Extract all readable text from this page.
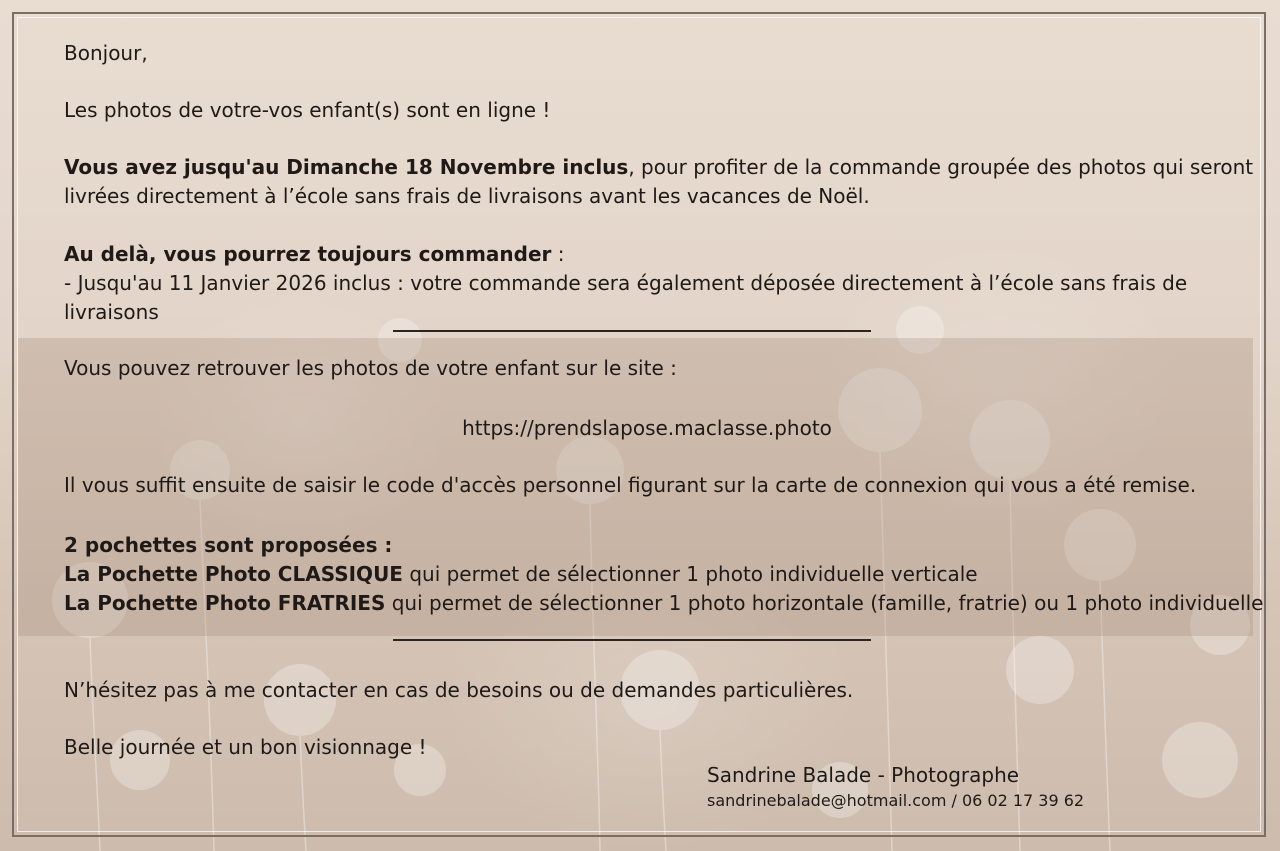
Bonjour,
Les photos de votre-vos enfant(s) sont en ligne !
Vous avez jusqu'au Dimanche 18 Novembre inclus, pour profiter de la commande groupée des photos qui seront
livrées directement à l’école sans frais de livraisons avant les vacances de Noël.
Au delà, vous pourrez toujours commander :
- Jusqu'au 11 Janvier 2026 inclus : votre commande sera également déposée directement à l’école sans frais de
livraisons
Vous pouvez retrouver les photos de votre enfant sur le site :
https://prendslapose.maclasse.photo
Il vous suffit ensuite de saisir le code d'accès personnel figurant sur la carte de connexion qui vous a été remise.
2 pochettes sont proposées :
La Pochette Photo CLASSIQUE qui permet de sélectionner 1 photo individuelle verticale
La Pochette Photo FRATRIES qui permet de sélectionner 1 photo horizontale (famille, fratrie) ou 1 photo individuelle
N’hésitez pas à me contacter en cas de besoins ou de demandes particulières.
Belle journée et un bon visionnage !
Sandrine Balade - Photographe
sandrinebalade@hotmail.com / 06 02 17 39 62
